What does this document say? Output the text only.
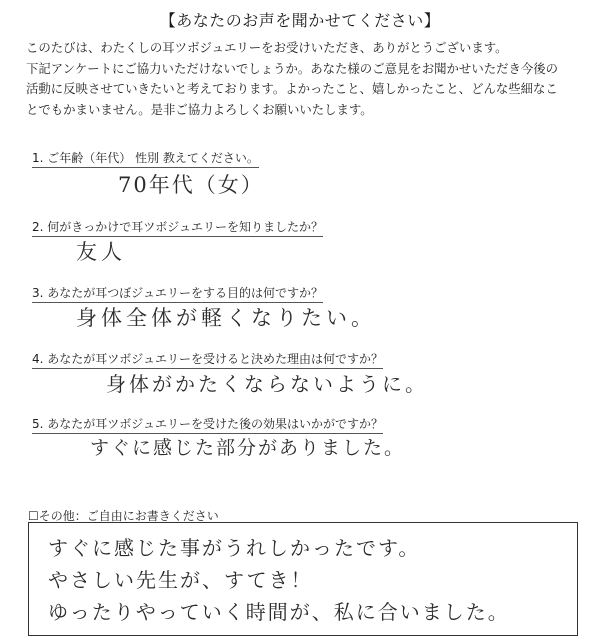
【あなたのお声を聞かせてください】

このたびは、わたくしの耳ツボジュエリーをお受けいただき、ありがとうございます。

下記アンケートにご協力いただけないでしょうか。あなた様のご意見をお聞かせいただき今後の

活動に反映させていきたいと考えております。よかったこと、嬉しかったこと、どんな些細なこ

とでもかまいません。是非ご協力よろしくお願いいたします。

1. ご年齢（年代） 性別 教えてください。
70年代（女）
2. 何がきっかけで耳ツボジュエリーを知りましたか？
友人
3. あなたが耳つぼジュエリーをする目的は何ですか？
身体全体が軽くなりたい。
4. あなたが耳ツボジュエリーを受けると決めた理由は何ですか？
身体がかたくならないように。
5. あなたが耳ツボジュエリーを受けた後の効果はいかがですか？
すぐに感じた部分がありました。
☐その他：ご自由にお書きください
すぐに感じた事がうれしかったです。
やさしい先生が、すてき！
ゆったりやっていく時間が、私に合いました。
